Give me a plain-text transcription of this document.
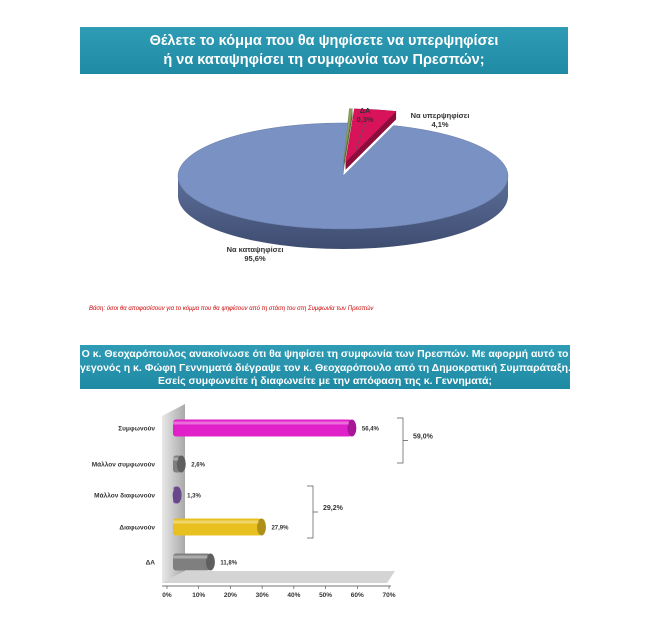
Θέλετε το κόμμα που θα ψηφίσετε να υπερψηφίσει
ή να καταψηφίσει τη συμφωνία των Πρεσπών;
Να καταψηφίσει
95,6%
Να υπερψηφίσει
4,1%
ΔΑ
0,3%
Βάση: όσοι θα αποφασίσουν για το κόμμα που θα ψηφίσουν από τη στάση του στη Συμφωνία των Πρεσπών
Ο κ. Θεοχαρόπουλος ανακοίνωσε ότι θα ψηφίσει τη συμφωνία των Πρεσπών. Με αφορμή αυτό το
γεγονός η κ. Φώφη Γεννηματά διέγραψε τον κ. Θεοχαρόπουλο από τη Δημοκρατική Συμπαράταξη.
Εσείς συμφωνείτε ή διαφωνείτε με την απόφαση της κ. Γεννηματά;
0%	10%	20%	30%	40%	50%	60%	70%
Συμφωνούν	56,4%
Μάλλον συμφωνούν	2,6%
Μάλλον διαφωνούν	1,3%
Διαφωνούν	27,9%
ΔΑ	11,8%
59,0%
29,2%
